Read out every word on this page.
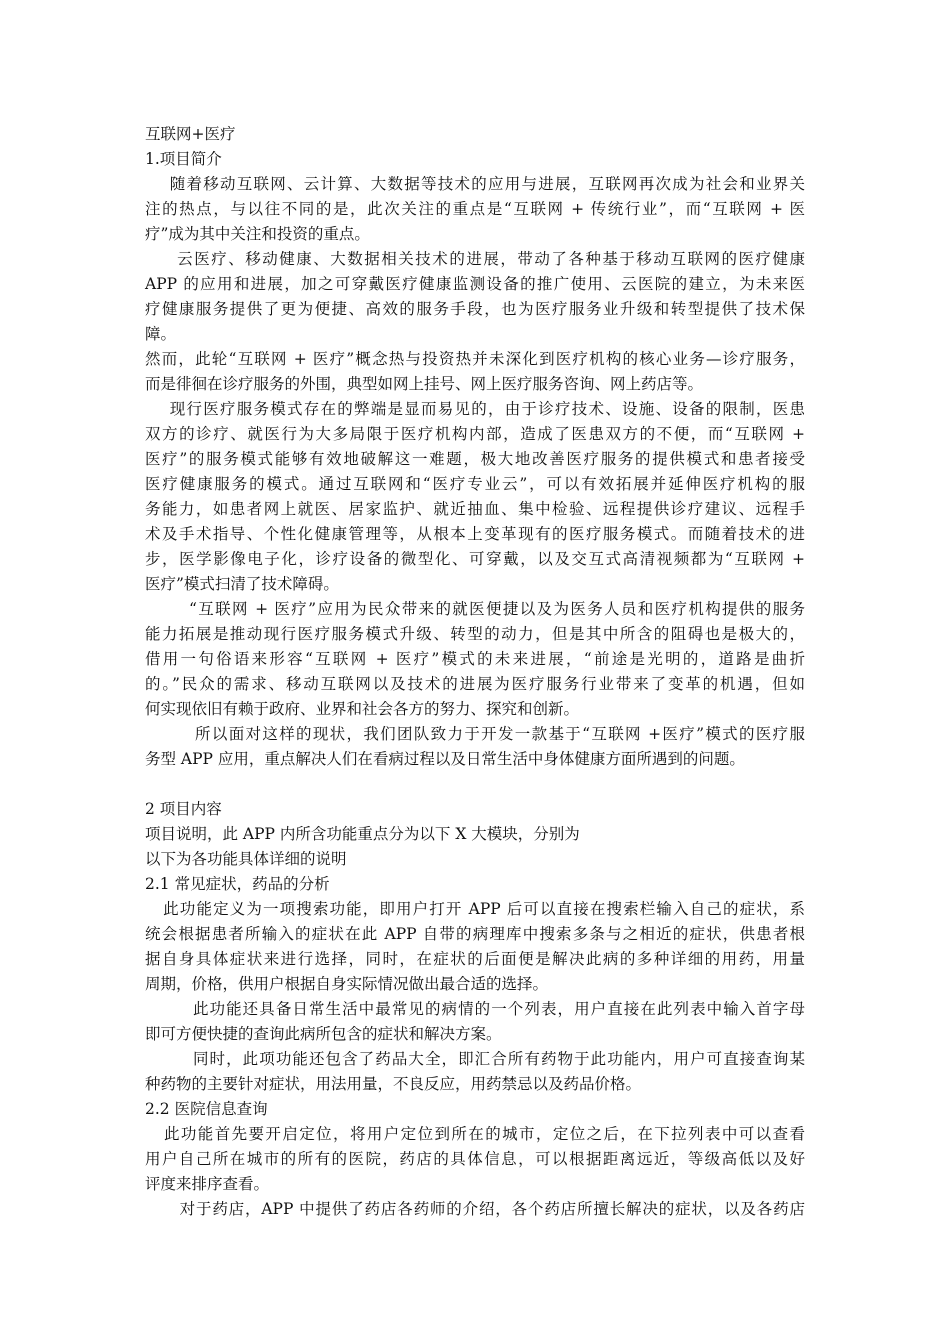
互联网+医疗
1.项目简介
随着移动互联网、云计算、大数据等技术的应用与进展，互联网再次成为社会和业界关
注的热点，与以往不同的是，此次关注的重点是“互联网 + 传统行业”，而“互联网 + 医
疗”成为其中关注和投资的重点。
云医疗、移动健康、大数据相关技术的进展，带动了各种基于移动互联网的医疗健康
APP 的应用和进展，加之可穿戴医疗健康监测设备的推广使用、云医院的建立，为未来医
疗健康服务提供了更为便捷、高效的服务手段，也为医疗服务业升级和转型提供了技术保
障。
然而，此轮“互联网 + 医疗”概念热与投资热并未深化到医疗机构的核心业务—诊疗服务，
而是徘徊在诊疗服务的外围，典型如网上挂号、网上医疗服务咨询、网上药店等。
现行医疗服务模式存在的弊端是显而易见的，由于诊疗技术、设施、设备的限制，医患
双方的诊疗、就医行为大多局限于医疗机构内部，造成了医患双方的不便，而“互联网 +
医疗”的服务模式能够有效地破解这一难题，极大地改善医疗服务的提供模式和患者接受
医疗健康服务的模式。通过互联网和“医疗专业云”，可以有效拓展并延伸医疗机构的服
务能力，如患者网上就医、居家监护、就近抽血、集中检验、远程提供诊疗建议、远程手
术及手术指导、个性化健康管理等，从根本上变革现有的医疗服务模式。而随着技术的进
步，医学影像电子化，诊疗设备的微型化、可穿戴，以及交互式高清视频都为“互联网 +
医疗”模式扫清了技术障碍。
“互联网 + 医疗”应用为民众带来的就医便捷以及为医务人员和医疗机构提供的服务
能力拓展是推动现行医疗服务模式升级、转型的动力，但是其中所含的阻碍也是极大的，
借用一句俗语来形容“互联网 + 医疗”模式的未来进展，“前途是光明的，道路是曲折
的。”民众的需求、移动互联网以及技术的进展为医疗服务行业带来了变革的机遇，但如
何实现依旧有赖于政府、业界和社会各方的努力、探究和创新。
所以面对这样的现状，我们团队致力于开发一款基于“互联网 +医疗”模式的医疗服
务型 APP 应用，重点解决人们在看病过程以及日常生活中身体健康方面所遇到的问题。
2 项目内容
项目说明，此 APP 内所含功能重点分为以下 X 大模块，分别为
以下为各功能具体详细的说明
2.1 常见症状，药品的分析
此功能定义为一项搜索功能，即用户打开 APP 后可以直接在搜索栏输入自己的症状，系
统会根据患者所输入的症状在此 APP 自带的病理库中搜索多条与之相近的症状，供患者根
据自身具体症状来进行选择，同时，在症状的后面便是解决此病的多种详细的用药，用量
周期，价格，供用户根据自身实际情况做出最合适的选择。
此功能还具备日常生活中最常见的病情的一个列表，用户直接在此列表中输入首字母
即可方便快捷的查询此病所包含的症状和解决方案。
同时，此项功能还包含了药品大全，即汇合所有药物于此功能内，用户可直接查询某
种药物的主要针对症状，用法用量，不良反应，用药禁忌以及药品价格。
2.2 医院信息查询
此功能首先要开启定位，将用户定位到所在的城市，定位之后，在下拉列表中可以查看
用户自己所在城市的所有的医院，药店的具体信息，可以根据距离远近，等级高低以及好
评度来排序查看。
对于药店，APP 中提供了药店各药师的介绍，各个药店所擅长解决的症状，以及各药店
